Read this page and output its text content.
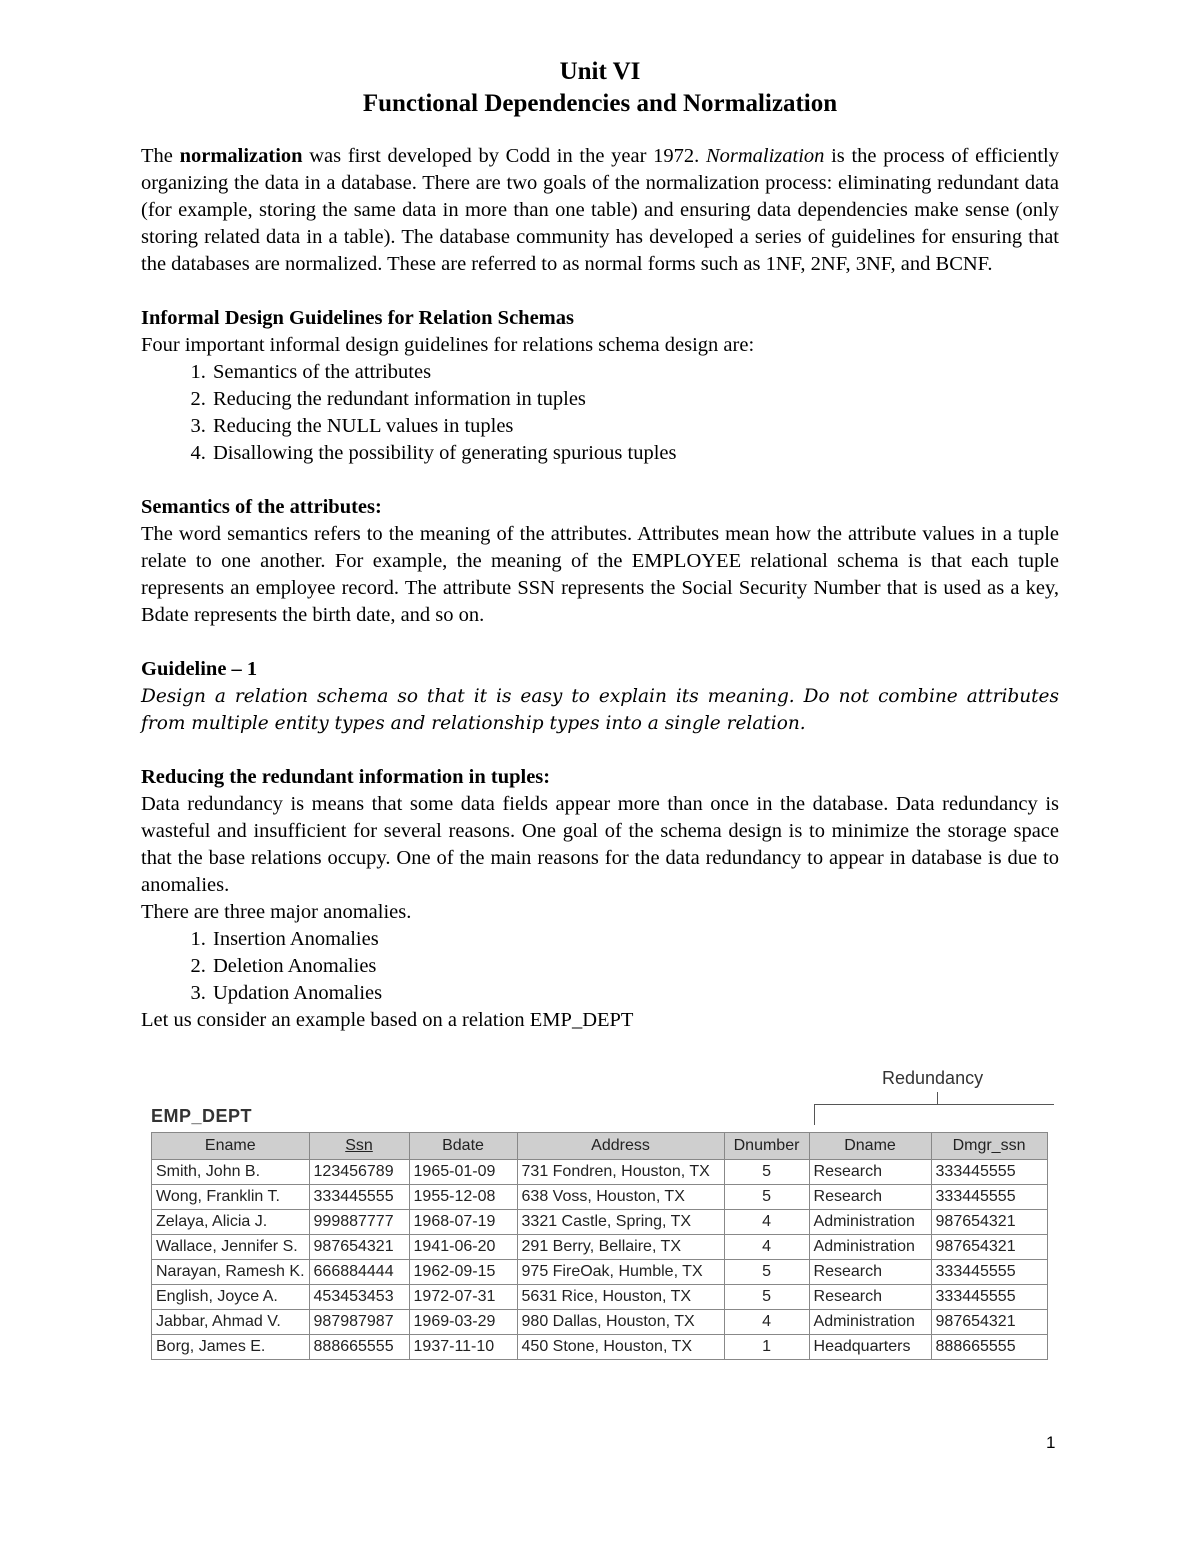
Unit VI
Functional Dependencies and Normalization

The normalization was first developed by Codd in the year 1972. Normalization is the process of efficiently organizing the data in a database. There are two goals of the normalization process: eliminating redundant data (for example, storing the same data in more than one table) and ensuring data dependencies make sense (only storing related data in a table). The database community has developed a series of guidelines for ensuring that the databases are normalized. These are referred to as normal forms such as 1NF, 2NF, 3NF, and BCNF.

Informal Design Guidelines for Relation Schemas

Four important informal design guidelines for relations schema design are:

1. Semantics of the attributes
2. Reducing the redundant information in tuples
3. Reducing the NULL values in tuples
4. Disallowing the possibility of generating spurious tuples
Semantics of the attributes:

The word semantics refers to the meaning of the attributes. Attributes mean how the attribute values in a tuple relate to one another. For example, the meaning of the EMPLOYEE relational schema is that each tuple represents an employee record. The attribute SSN represents the Social Security Number that is used as a key, Bdate represents the birth date, and so on.

Guideline – 1

Design a relation schema so that it is easy to explain its meaning. Do not combine attributes from multiple entity types and relationship types into a single relation.

Reducing the redundant information in tuples:

Data redundancy is means that some data fields appear more than once in the database. Data redundancy is wasteful and insufficient for several reasons. One goal of the schema design is to minimize the storage space that the base relations occupy. One of the main reasons for the data redundancy to appear in database is due to anomalies.

There are three major anomalies.

1. Insertion Anomalies
2. Deletion Anomalies
3. Updation Anomalies

Let us consider an example based on a relation EMP_DEPT

Redundancy
EMP_DEPT
Ename	Ssn	Bdate	Address	Dnumber	Dname	Dmgr_ssn
Smith, John B.	123456789	1965-01-09	731 Fondren, Houston, TX	5	Research	333445555
Wong, Franklin T.	333445555	1955-12-08	638 Voss, Houston, TX	5	Research	333445555
Zelaya, Alicia J.	999887777	1968-07-19	3321 Castle, Spring, TX	4	Administration	987654321
Wallace, Jennifer S.	987654321	1941-06-20	291 Berry, Bellaire, TX	4	Administration	987654321
Narayan, Ramesh K.	666884444	1962-09-15	975 FireOak, Humble, TX	5	Research	333445555
English, Joyce A.	453453453	1972-07-31	5631 Rice, Houston, TX	5	Research	333445555
Jabbar, Ahmad V.	987987987	1969-03-29	980 Dallas, Houston, TX	4	Administration	987654321
Borg, James E.	888665555	1937-11-10	450 Stone, Houston, TX	1	Headquarters	888665555
1
